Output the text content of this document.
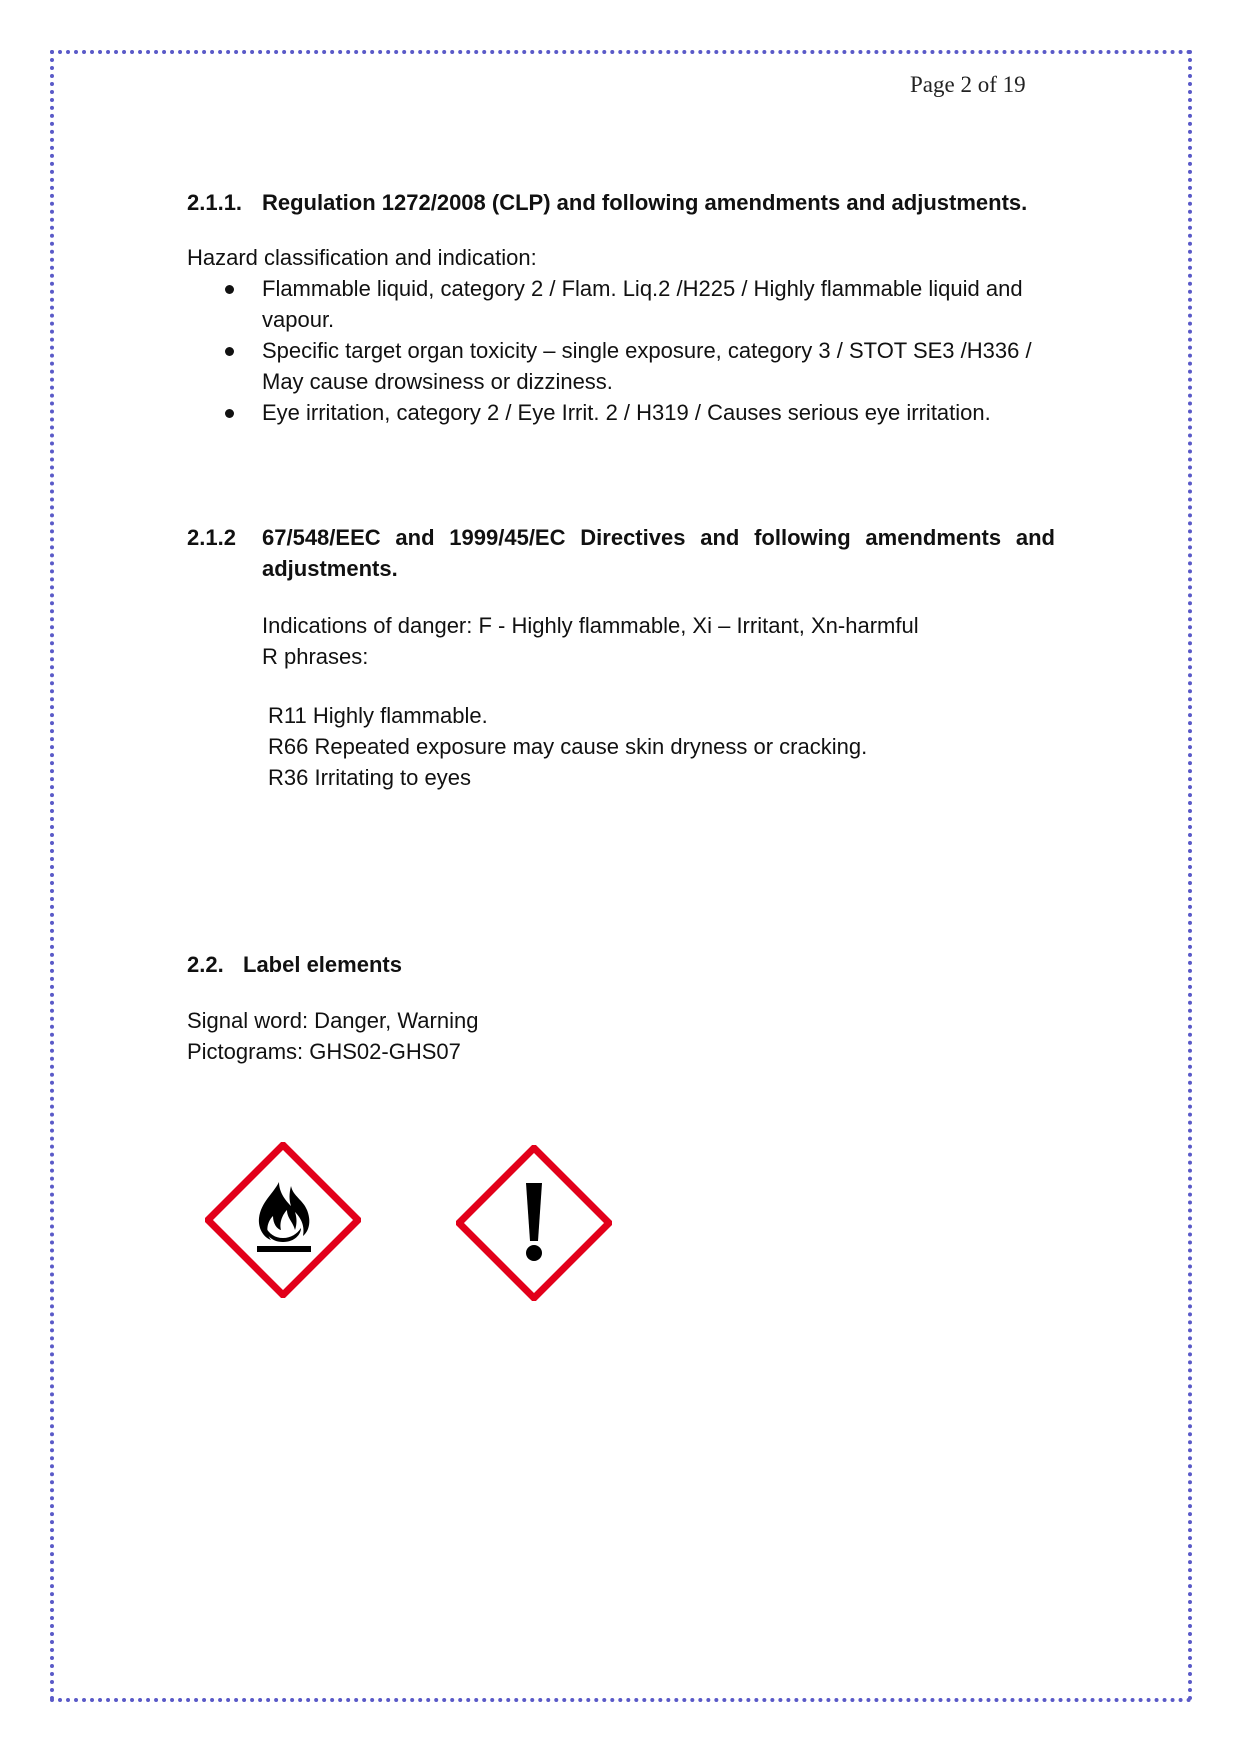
Page 2 of 19
2.1.1. Regulation 1272/2008 (CLP) and following amendments and adjustments.
Hazard classification and indication:
Flammable liquid, category 2 / Flam. Liq.2 /H225 / Highly flammable liquid and vapour.
Specific target organ toxicity – single exposure, category 3 / STOT SE3 /H336 / May cause drowsiness or dizziness.
Eye irritation, category 2 / Eye Irrit. 2 / H319 / Causes serious eye irritation.
2.1.2 67/548/EEC and 1999/45/EC Directives and following amendments and adjustments.
Indications of danger: F - Highly flammable, Xi – Irritant, Xn-harmful
R phrases:
R11 Highly flammable.
R66 Repeated exposure may cause skin dryness or cracking.
R36 Irritating to eyes
2.2. Label elements
Signal word: Danger, Warning
Pictograms: GHS02-GHS07
